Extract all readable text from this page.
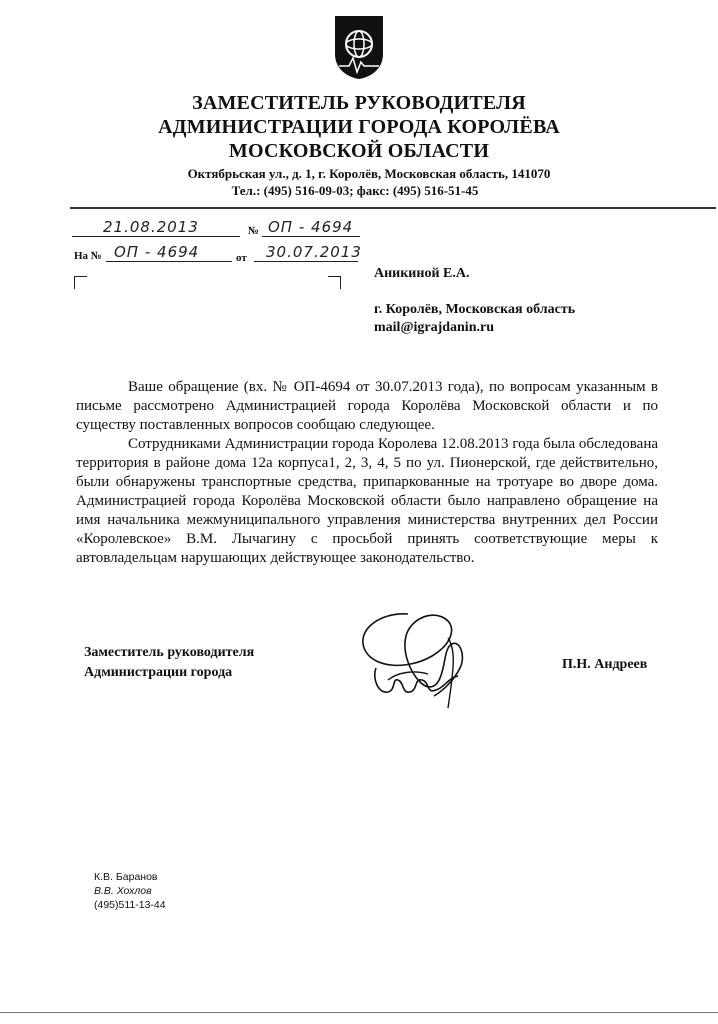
ЗАМЕСТИТЕЛЬ РУКОВОДИТЕЛЯ
АДМИНИСТРАЦИИ ГОРОДА КОРОЛЁВА
МОСКОВСКОЙ ОБЛАСТИ
Октябрьская ул., д. 1, г. Королёв, Московская область, 141070
Тел.: (495) 516-09-03; факс: (495) 516-51-45
21.08.2013	№ ОП - 4694
На № ОП - 4694	от 30.07.2013
Аникиной Е.А.
г. Королёв, Московская область
mail@igrajdanin.ru

Ваше обращение (вх. № ОП-4694 от 30.07.2013 года), по вопросам указанным в письме рассмотрено Администрацией города Королёва Московской области и по существу поставленных вопросов сообщаю следующее.

Сотрудниками Администрации города Королева 12.08.2013 года была обследована территория в районе дома 12а корпуса1, 2, 3, 4, 5 по ул. Пионерской, где действительно, были обнаружены транспортные средства, припаркованные на тротуаре во дворе дома. Администрацией города Королёва Московской области было направлено обращение на имя начальника межмуниципального управления министерства внутренних дел России «Королевское» В.М. Лычагину с просьбой принять соответствующие меры к автовладельцам нарушающих действующее законодательство.

Заместитель руководителя
Администрации города
П.Н. Андреев
К.В. Баранов
В.В. Хохлов
(495)511-13-44
